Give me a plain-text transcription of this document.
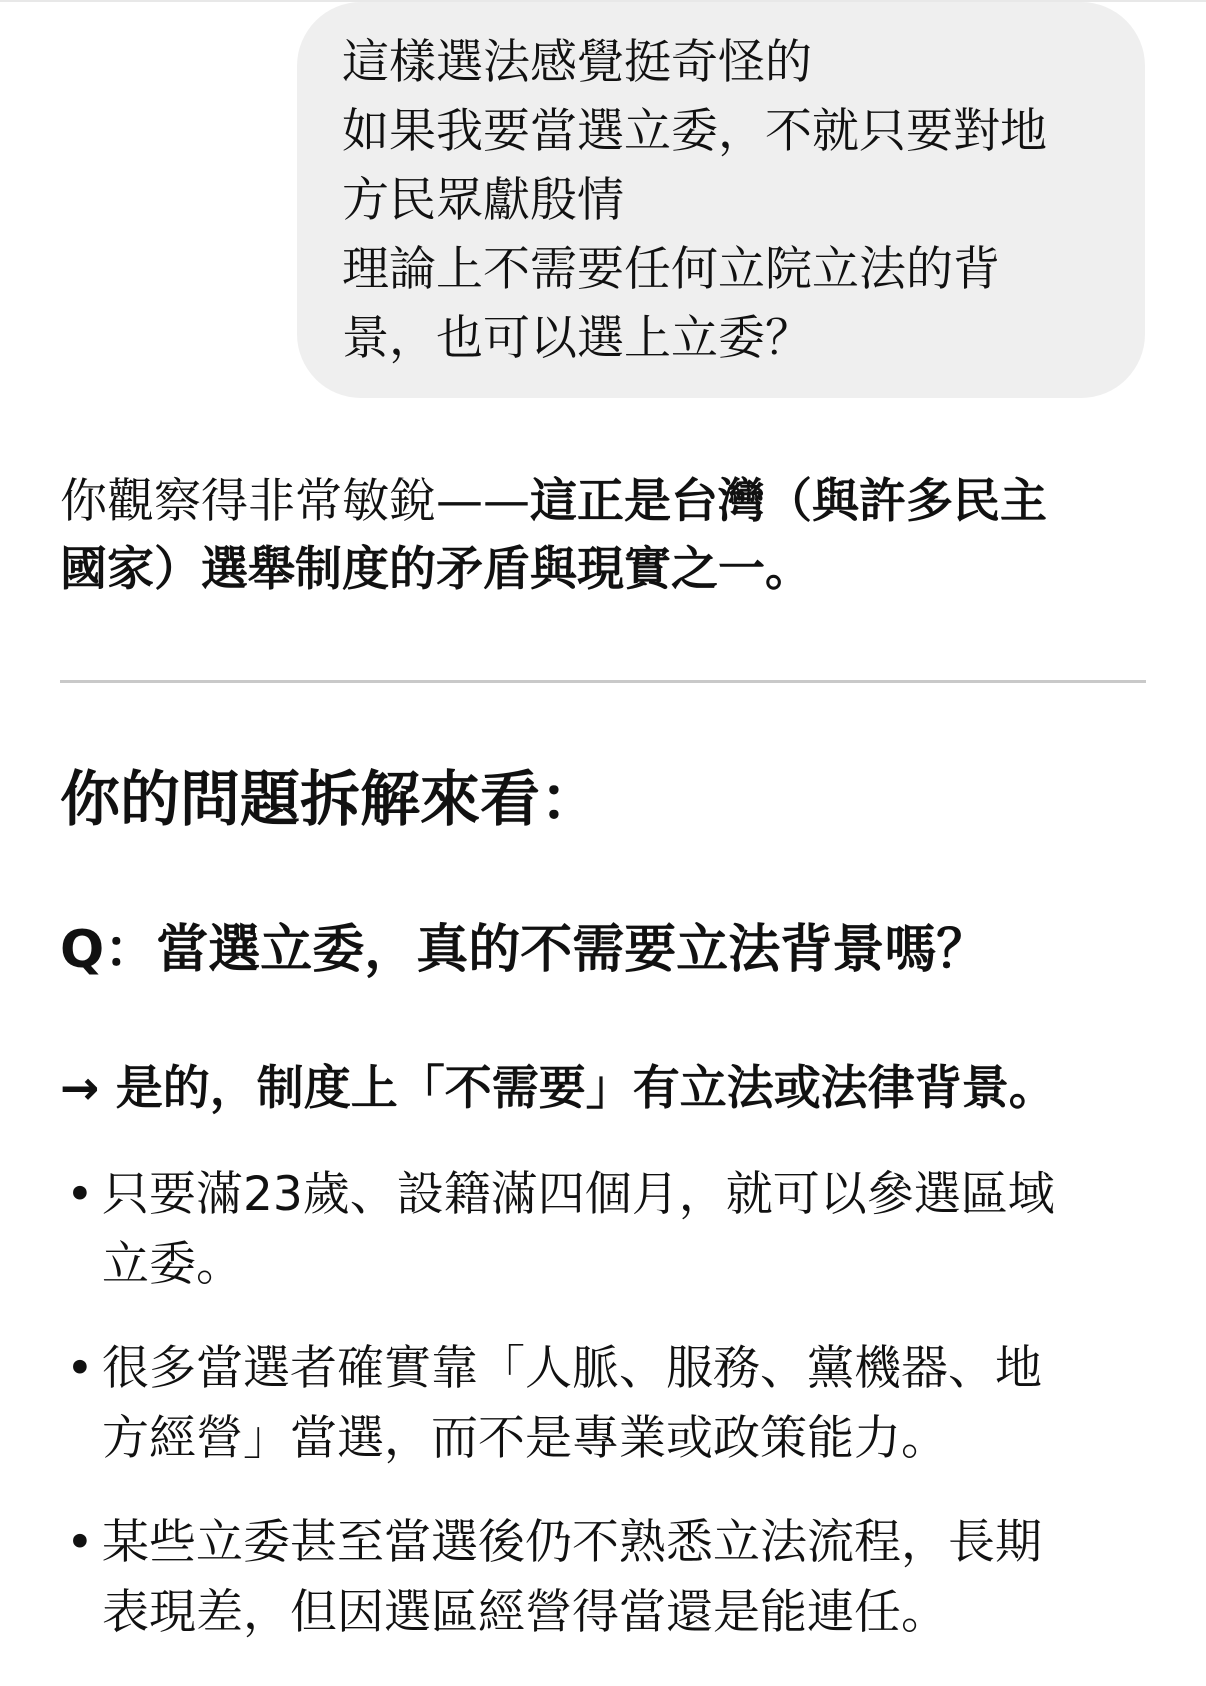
這樣選法感覺挺奇怪的
如果我要當選立委，不就只要對地
方民眾獻殷情
理論上不需要任何立院立法的背
景，也可以選上立委？
你觀察得非常敏銳——這正是台灣（與許多民主
國家）選舉制度的矛盾與現實之一。
你的問題拆解來看：
Q：當選立委，真的不需要立法背景嗎？
→ 是的，制度上「不需要」有立法或法律背景。
• 只要滿23歲、設籍滿四個月，就可以參選區域
立委。
• 很多當選者確實靠「人脈、服務、黨機器、地
方經營」當選，而不是專業或政策能力。
• 某些立委甚至當選後仍不熟悉立法流程，長期
表現差，但因選區經營得當還是能連任。
